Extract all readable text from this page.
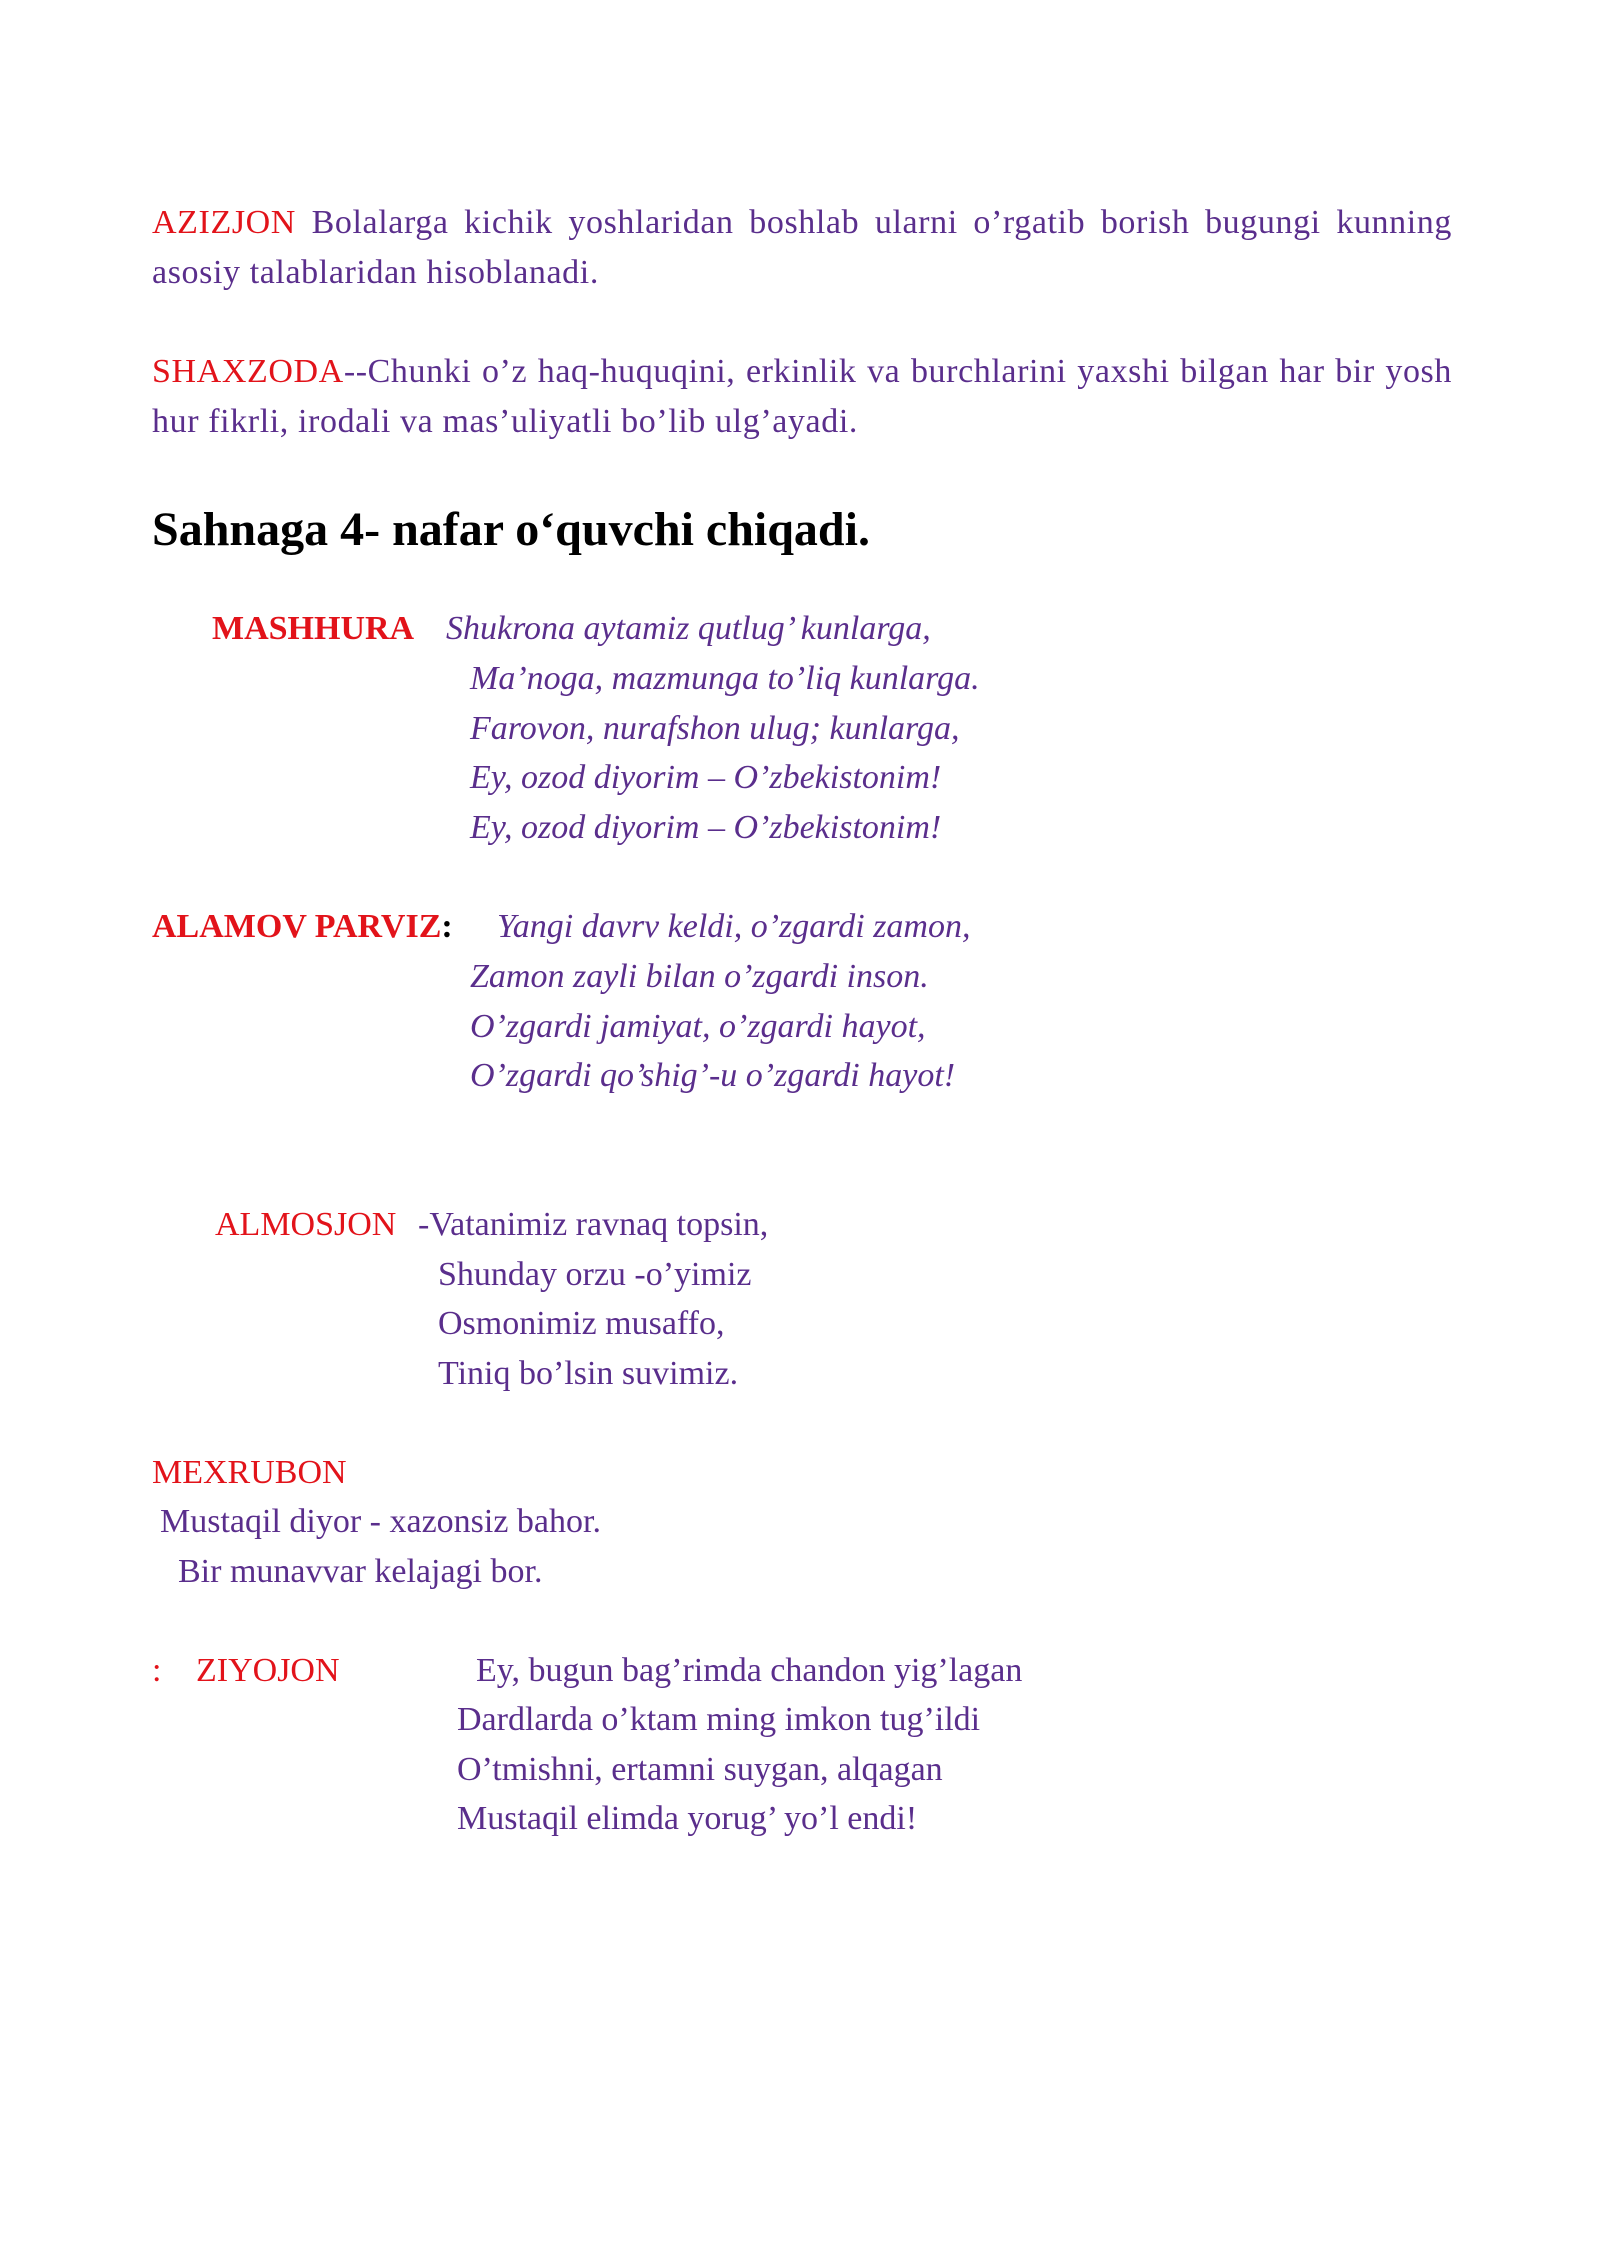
AZIZJON Bolalarga kichik yoshlaridan boshlab ularni o’rgatib borish bugungi kunning asosiy talablaridan hisoblanadi.
SHAXZODA--Chunki o’z haq-huquqini, erkinlik va burchlarini yaxshi bilgan har bir yosh hur fikrli, irodali va mas’uliyatli bo’lib ulg’ayadi.
Sahnaga 4- nafar o‘quvchi chiqadi.
MASHHURA Shukrona aytamiz qutlug’ kunlarga,
Ma’noga, mazmunga to’liq kunlarga.
Farovon, nurafshon ulug; kunlarga,
Ey, ozod diyorim – O’zbekistonim!
Ey, ozod diyorim – O’zbekistonim!
ALAMOV PARVIZ: Yangi davrv keldi, o’zgardi zamon,
Zamon zayli bilan o’zgardi inson.
O’zgardi jamiyat, o’zgardi hayot,
O’zgardi qo’shig’-u o’zgardi hayot!
ALMOSJON -Vatanimiz ravnaq topsin,
Shunday orzu -o’yimiz
Osmonimiz musaffo,
Tiniq bo’lsin suvimiz.
MEXRUBON
Mustaqil diyor - xazonsiz bahor.
Bir munavvar kelajagi bor.
: ZIYOJON	Ey, bugun bag’rimda chandon yig’lagan
Dardlarda o’ktam ming imkon tug’ildi
O’tmishni, ertamni suygan, alqagan
Mustaqil elimda yorug’ yo’l endi!
